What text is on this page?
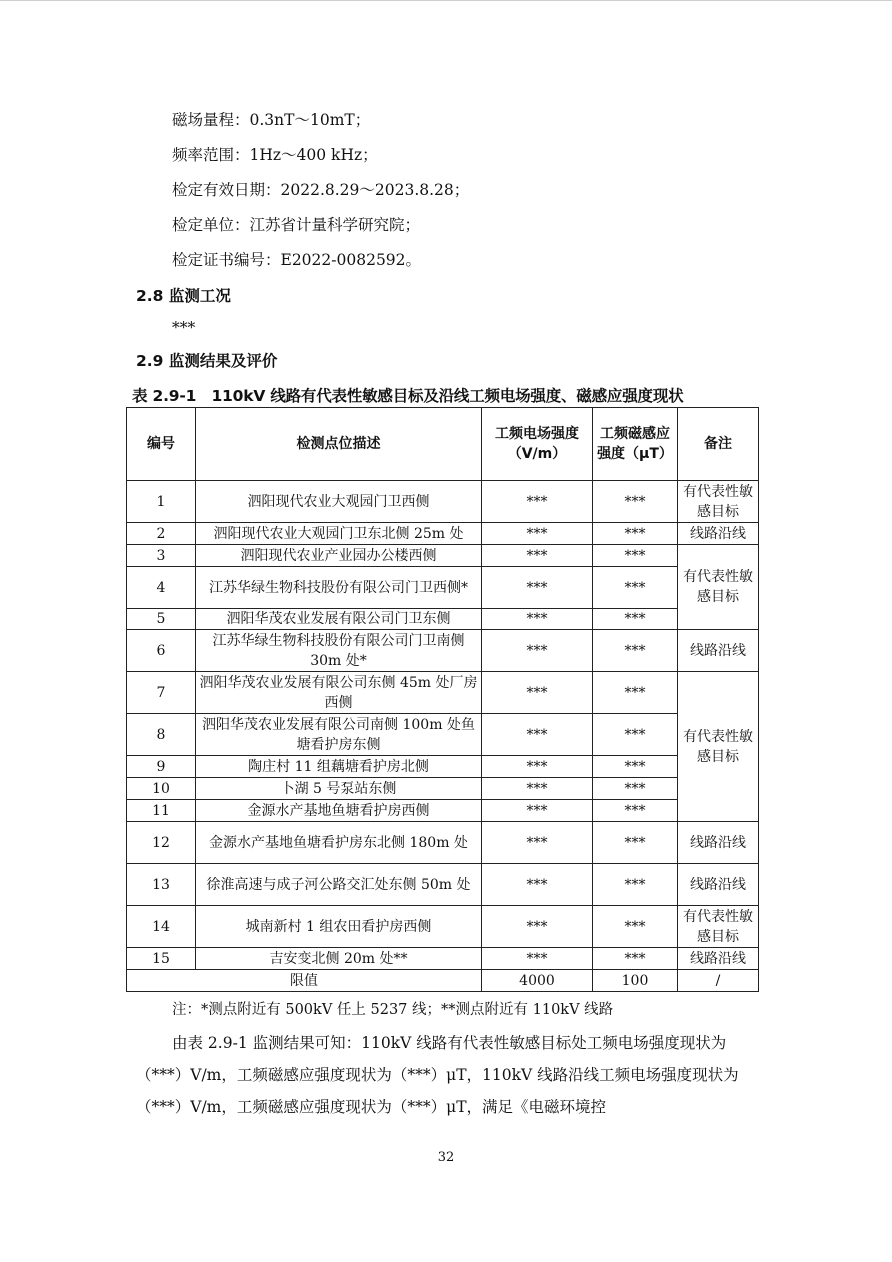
磁场量程：0.3nT～10mT；
频率范围：1Hz～400 kHz；
检定有效日期：2022.8.29～2023.8.28；
检定单位：江苏省计量科学研究院；
检定证书编号：E2022-0082592。
2.8 监测工况
***
2.9 监测结果及评价
表 2.9-1　110kV 线路有代表性敏感目标及沿线工频电场强度、磁感应强度现状
编号	检测点位描述	工频电场强度（V/m）	工频磁感应强度（μT）	备注
1	泗阳现代农业大观园门卫西侧	***	***	有代表性敏感目标
2	泗阳现代农业大观园门卫东北侧 25m 处	***	***	线路沿线
3	泗阳现代农业产业园办公楼西侧	***	***	有代表性敏感目标
4	江苏华绿生物科技股份有限公司门卫西侧*	***	***	
5	泗阳华茂农业发展有限公司门卫东侧	***	***	
6	江苏华绿生物科技股份有限公司门卫南侧 30m 处*	***	***	线路沿线
7	泗阳华茂农业发展有限公司东侧 45m 处厂房西侧	***	***	有代表性敏感目标
8	泗阳华茂农业发展有限公司南侧 100m 处鱼塘看护房东侧	***	***	
9	陶庄村 11 组藕塘看护房北侧	***	***	
10	卜湖 5 号泵站东侧	***	***	
11	金源水产基地鱼塘看护房西侧	***	***	
12	金源水产基地鱼塘看护房东北侧 180m 处	***	***	线路沿线
13	徐淮高速与成子河公路交汇处东侧 50m 处	***	***	线路沿线
14	城南新村 1 组农田看护房西侧	***	***	有代表性敏感目标
15	吉安变北侧 20m 处**	***	***	线路沿线
限值		4000	100	/
注：*测点附近有 500kV 任上 5237 线；**测点附近有 110kV 线路
由表 2.9-1 监测结果可知：110kV 线路有代表性敏感目标处工频电场强度现状为（***）V/m，工频磁感应强度现状为（***）μT，110kV 线路沿线工频电场强度现状为（***）V/m，工频磁感应强度现状为（***）μT，满足《电磁环境控
32
